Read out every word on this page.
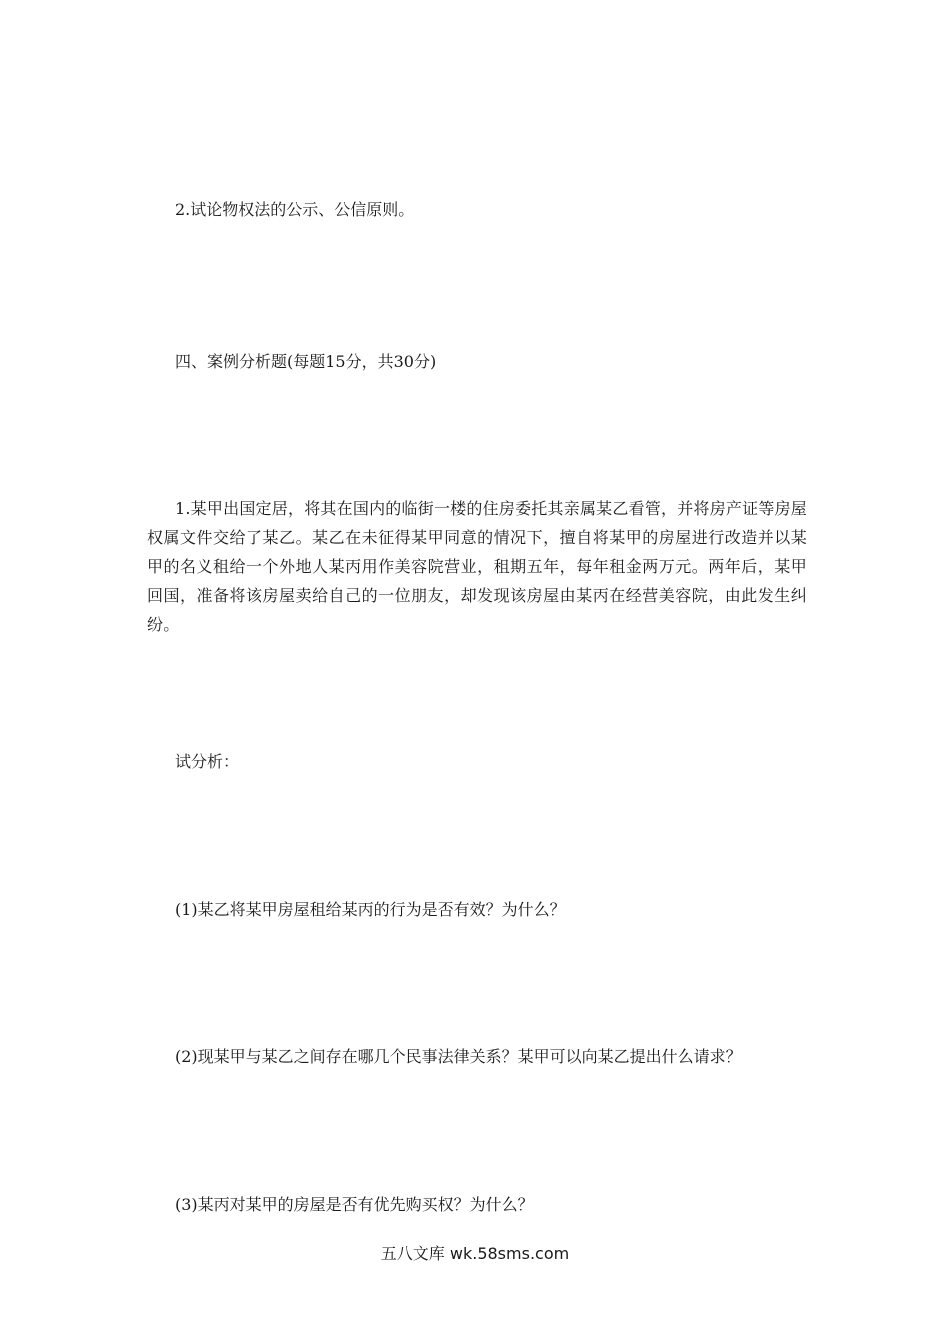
2.试论物权法的公示、公信原则。
四、案例分析题(每题15分，共30分)
1.某甲出国定居，将其在国内的临街一楼的住房委托其亲属某乙看管，并将房产证等房屋权属文件交给了某乙。某乙在未征得某甲同意的情况下，擅自将某甲的房屋进行改造并以某甲的名义租给一个外地人某丙用作美容院营业，租期五年，每年租金两万元。两年后，某甲回国，准备将该房屋卖给自己的一位朋友，却发现该房屋由某丙在经营美容院，由此发生纠纷。
试分析：
(1)某乙将某甲房屋租给某丙的行为是否有效？为什么？
(2)现某甲与某乙之间存在哪几个民事法律关系？某甲可以向某乙提出什么请求？
(3)某丙对某甲的房屋是否有优先购买权？为什么？
五八文库 wk.58sms.com
